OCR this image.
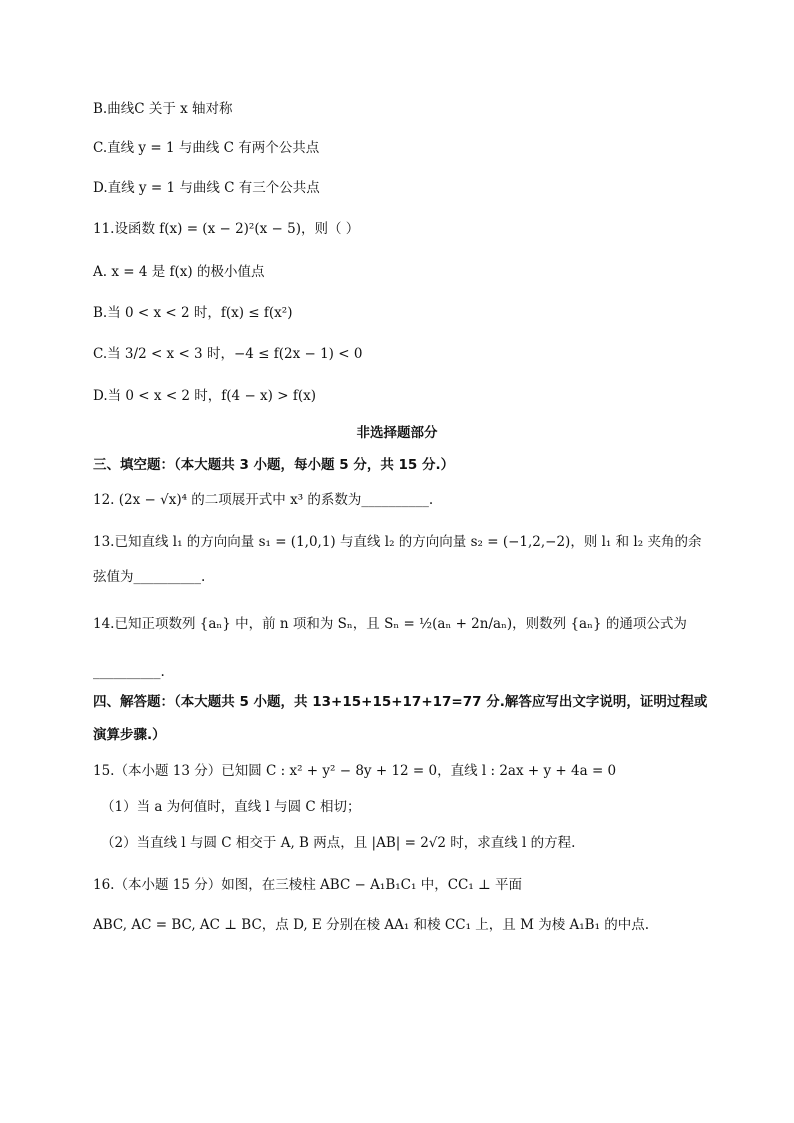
B.曲线C 关于 x 轴对称
C.直线 y = 1 与曲线 C 有两个公共点
D.直线 y = 1 与曲线 C 有三个公共点
11.设函数 f(x) = (x − 2)²(x − 5)，则（ ）
A. x = 4 是 f(x) 的极小值点
B.当 0 < x < 2 时，f(x) ≤ f(x²)
C.当 3/2 < x < 3 时，−4 ≤ f(2x − 1) < 0
D.当 0 < x < 2 时，f(4 − x) > f(x)
非选择题部分
三、填空题：（本大题共 3 小题，每小题 5 分，共 15 分.）
12. (2x − √x)⁴ 的二项展开式中 x³ 的系数为__________.
13.已知直线 l₁ 的方向向量 s₁ = (1,0,1) 与直线 l₂ 的方向向量 s₂ = (−1,2,−2)，则 l₁ 和 l₂ 夹角的余
弦值为__________.
14.已知正项数列 {aₙ} 中，前 n 项和为 Sₙ，且 Sₙ = ½(aₙ + 2n/aₙ)，则数列 {aₙ} 的通项公式为
__________.
四、解答题：（本大题共 5 小题，共 13+15+15+17+17=77 分.解答应写出文字说明，证明过程或
演算步骤.）
15.（本小题 13 分）已知圆 C : x² + y² − 8y + 12 = 0，直线 l : 2ax + y + 4a = 0
（1）当 a 为何值时，直线 l 与圆 C 相切；
（2）当直线 l 与圆 C 相交于 A, B 两点，且 |AB| = 2√2 时，求直线 l 的方程.
16.（本小题 15 分）如图，在三棱柱 ABC − A₁B₁C₁ 中，CC₁ ⊥ 平面
ABC, AC = BC, AC ⊥ BC，点 D, E 分别在棱 AA₁ 和棱 CC₁ 上，且 M 为棱 A₁B₁ 的中点.
